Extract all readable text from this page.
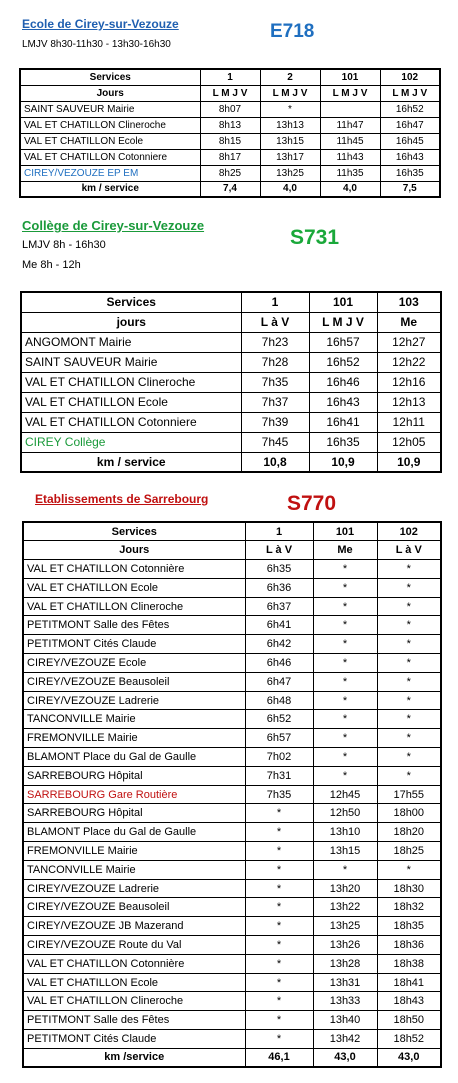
Ecole de Cirey-sur-Vezouze	E718
LMJV 8h30-11h30 - 13h30-16h30
Services	1	2	101	102
Jours	L M J V	L M J V	L M J V	L M J V
SAINT SAUVEUR Mairie	8h07	*		16h52
VAL ET CHATILLON Clineroche	8h13	13h13	11h47	16h47
VAL ET CHATILLON Ecole	8h15	13h15	11h45	16h45
VAL ET CHATILLON Cotonniere	8h17	13h17	11h43	16h43
CIREY/VEZOUZE EP EM	8h25	13h25	11h35	16h35
km / service	7,4	4,0	4,0	7,5
Collège de Cirey-sur-Vezouze
S731
LMJV 8h - 16h30
Me 8h - 12h
Services	1	101	103
jours	L à V	L M J V	Me
ANGOMONT Mairie	7h23	16h57	12h27
SAINT SAUVEUR Mairie	7h28	16h52	12h22
VAL ET CHATILLON Clineroche	7h35	16h46	12h16
VAL ET CHATILLON Ecole	7h37	16h43	12h13
VAL ET CHATILLON Cotonniere	7h39	16h41	12h11
CIREY Collège	7h45	16h35	12h05
km / service	10,8	10,9	10,9
Etablissements de Sarrebourg	S770
Services	1	101	102
Jours	L à V	Me	L à V
VAL ET CHATILLON Cotonnière	6h35	*	*
VAL ET CHATILLON Ecole	6h36	*	*
VAL ET CHATILLON Clineroche	6h37	*	*
PETITMONT Salle des Fêtes	6h41	*	*
PETITMONT Cités Claude	6h42	*	*
CIREY/VEZOUZE Ecole	6h46	*	*
CIREY/VEZOUZE Beausoleil	6h47	*	*
CIREY/VEZOUZE Ladrerie	6h48	*	*
TANCONVILLE Mairie	6h52	*	*
FREMONVILLE Mairie	6h57	*	*
BLAMONT Place du Gal de Gaulle	7h02	*	*
SARREBOURG Hôpital	7h31	*	*
SARREBOURG Gare Routière	7h35	12h45	17h55
SARREBOURG Hôpital	*	12h50	18h00
BLAMONT Place du Gal de Gaulle	*	13h10	18h20
FREMONVILLE Mairie	*	13h15	18h25
TANCONVILLE Mairie	*	*	*
CIREY/VEZOUZE Ladrerie	*	13h20	18h30
CIREY/VEZOUZE Beausoleil	*	13h22	18h32
CIREY/VEZOUZE JB Mazerand	*	13h25	18h35
CIREY/VEZOUZE Route du Val	*	13h26	18h36
VAL ET CHATILLON Cotonnière	*	13h28	18h38
VAL ET CHATILLON Ecole	*	13h31	18h41
VAL ET CHATILLON Clineroche	*	13h33	18h43
PETITMONT Salle des Fêtes	*	13h40	18h50
PETITMONT Cités Claude	*	13h42	18h52
km /service	46,1	43,0	43,0
